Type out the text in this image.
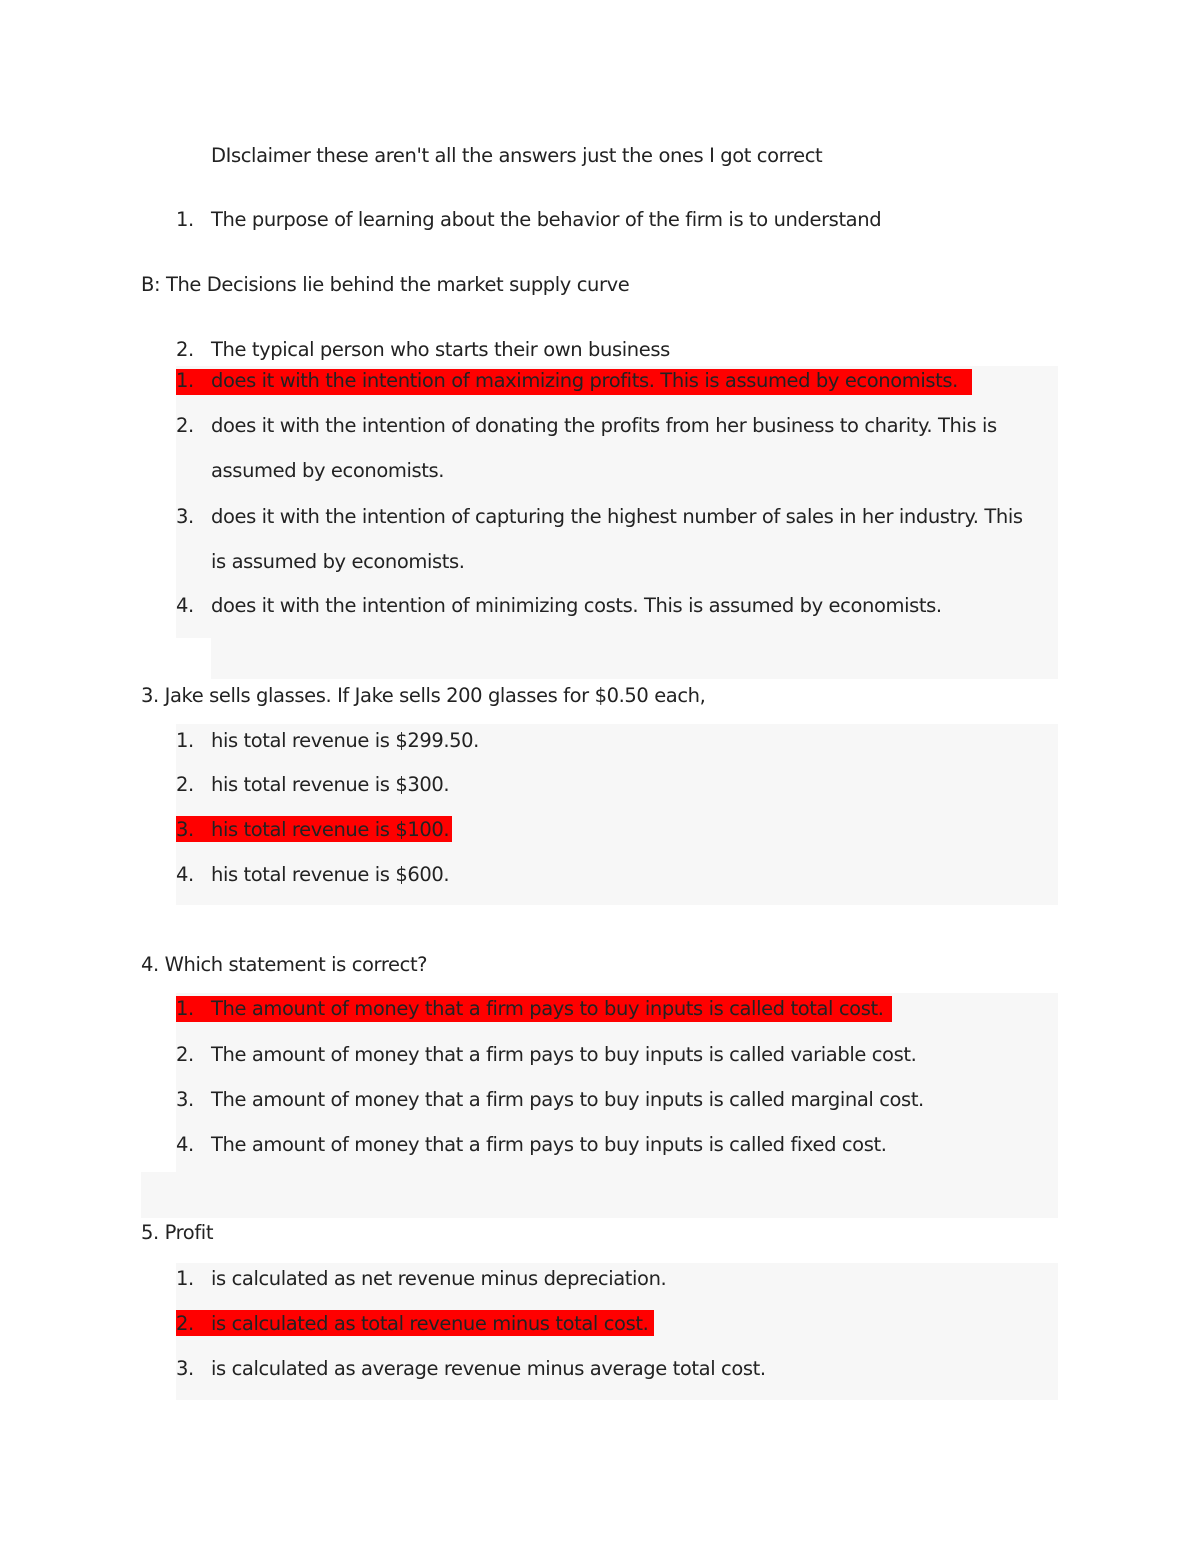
DIsclaimer these aren't all the answers just the ones I got correct
1. The purpose of learning about the behavior of the firm is to understand
B: The Decisions lie behind the market supply curve
2. The typical person who starts their own business
1. does it with the intention of maximizing profits. This is assumed by economists.
2. does it with the intention of donating the profits from her business to charity. This is
assumed by economists.
3. does it with the intention of capturing the highest number of sales in her industry. This
is assumed by economists.
4. does it with the intention of minimizing costs. This is assumed by economists.
3. Jake sells glasses. If Jake sells 200 glasses for $0.50 each,
1. his total revenue is $299.50.
2. his total revenue is $300.
3. his total revenue is $100.
4. his total revenue is $600.
4. Which statement is correct?
1. The amount of money that a firm pays to buy inputs is called total cost.
2. The amount of money that a firm pays to buy inputs is called variable cost.
3. The amount of money that a firm pays to buy inputs is called marginal cost.
4. The amount of money that a firm pays to buy inputs is called fixed cost.
5. Profit
1. is calculated as net revenue minus depreciation.
2. is calculated as total revenue minus total cost.
3. is calculated as average revenue minus average total cost.
